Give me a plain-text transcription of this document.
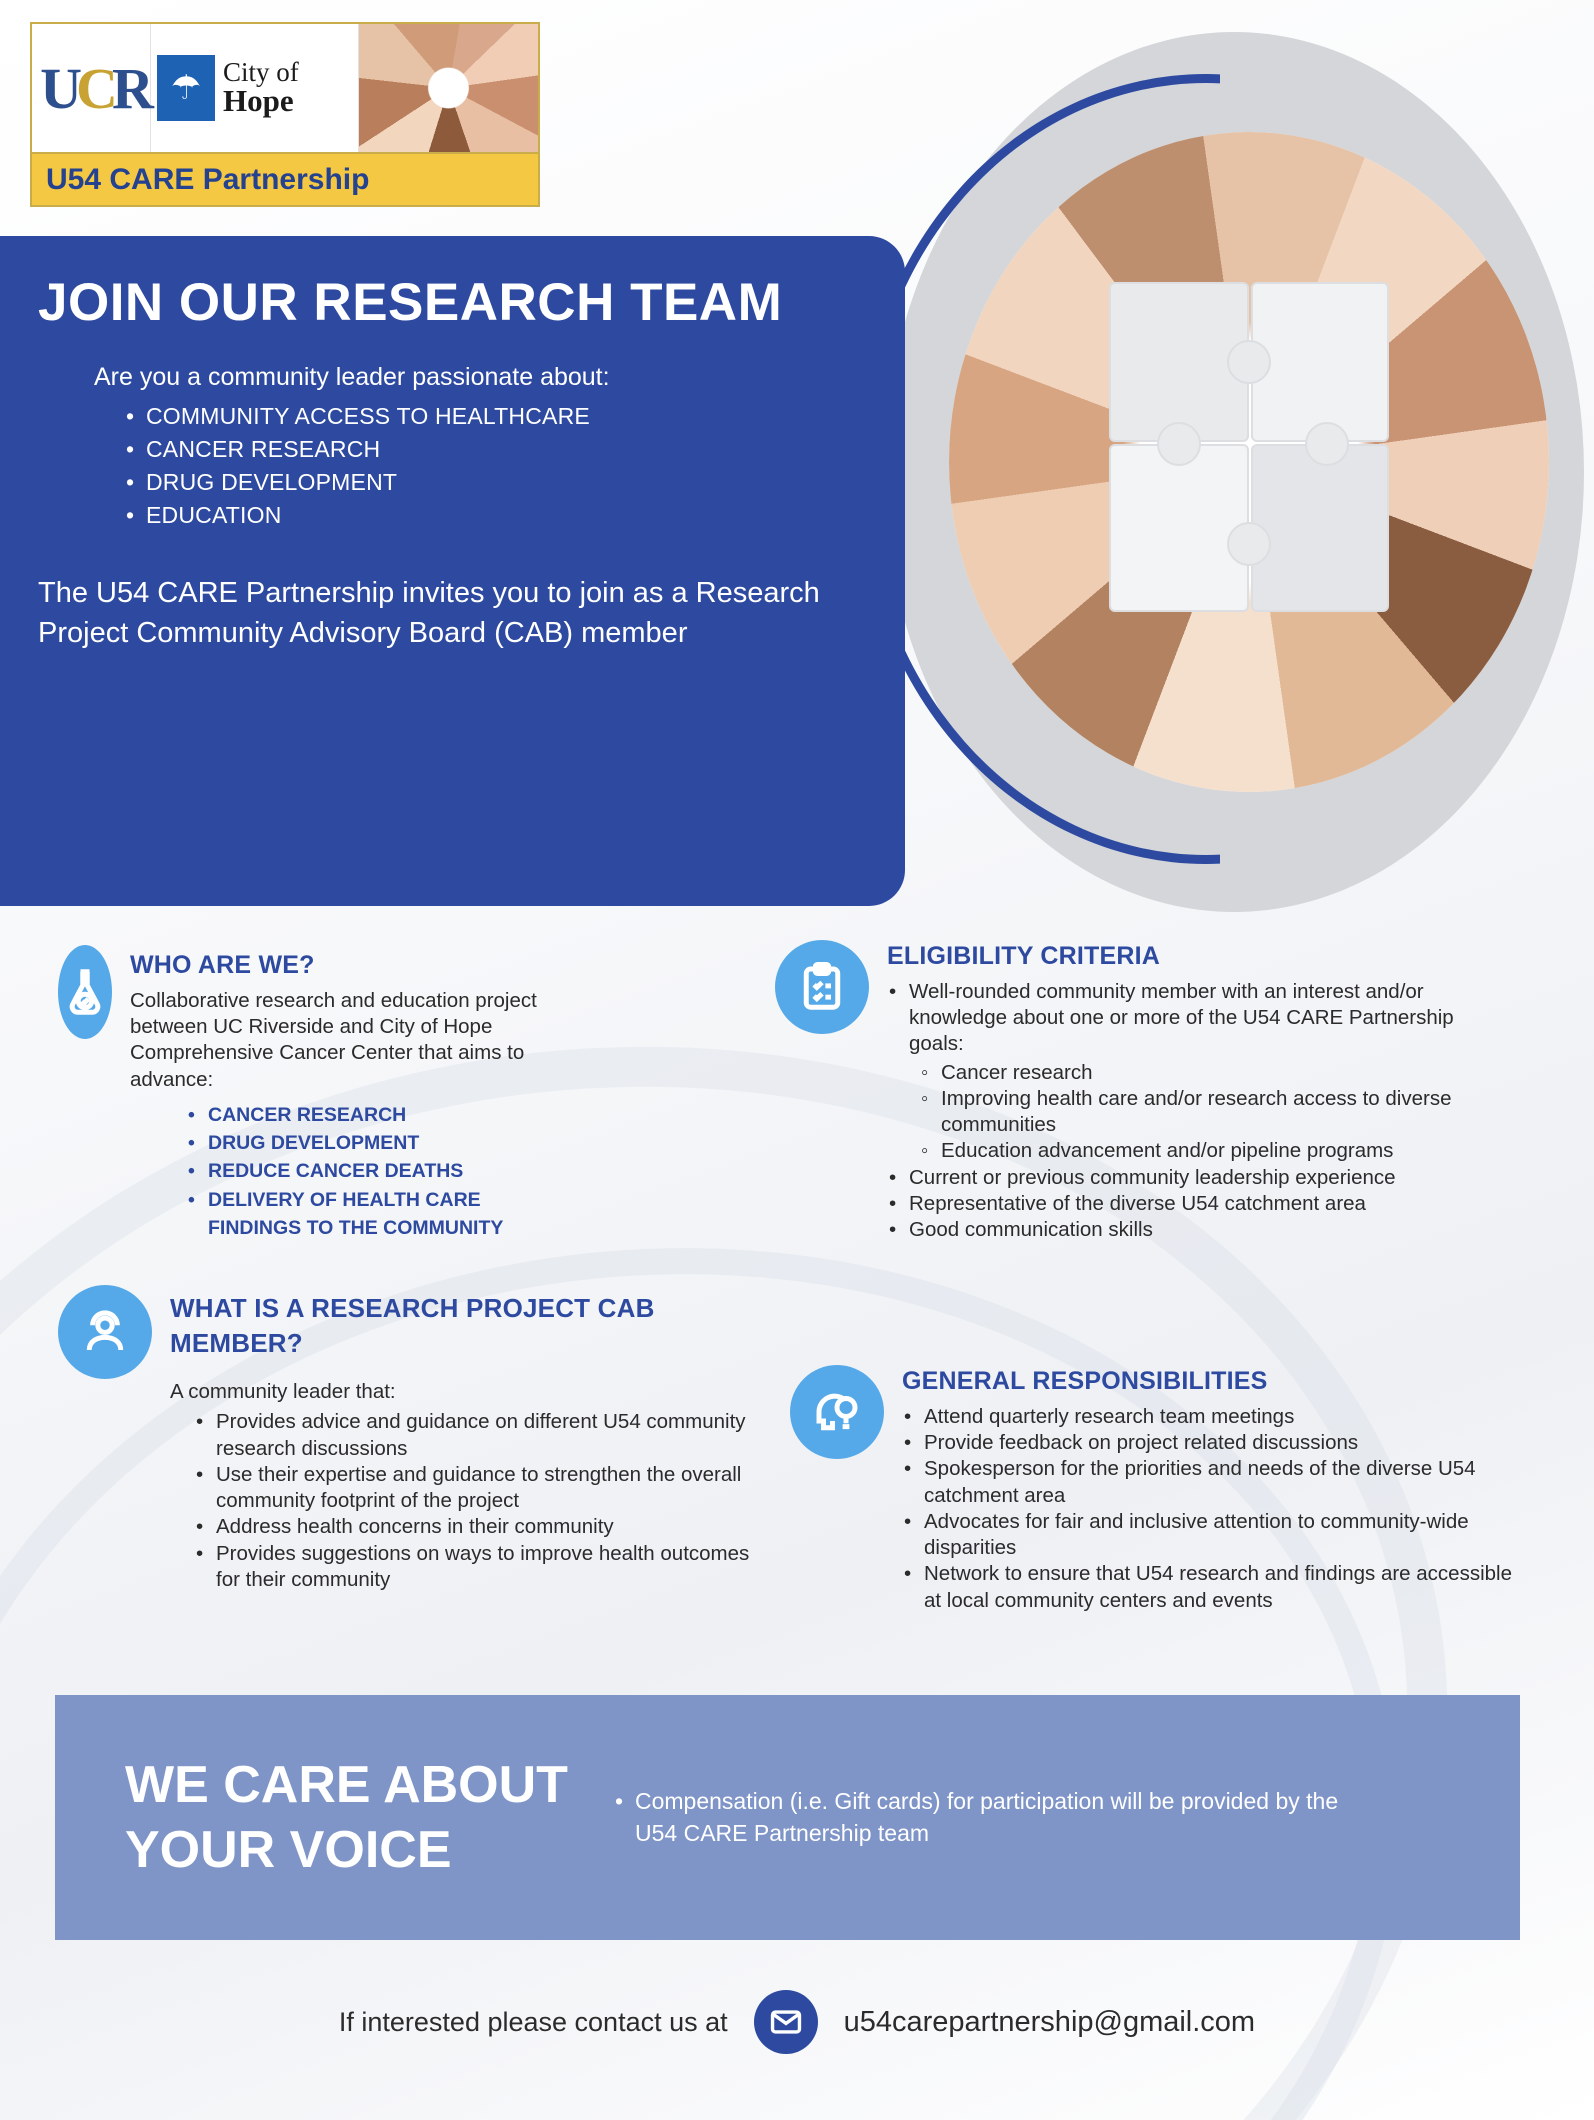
UCR ☂ City of
Hope
U54 CARE Partnership
JOIN OUR RESEARCH TEAM
Are you a community leader passionate about:
• COMMUNITY ACCESS TO HEALTHCARE
• CANCER RESEARCH
• DRUG DEVELOPMENT
• EDUCATION
The U54 CARE Partnership invites you to join as a Research Project Community Advisory Board (CAB) member
WHO ARE WE?
Collaborative research and education project between UC Riverside and City of Hope Comprehensive Cancer Center that aims to advance:
• CANCER RESEARCH
• DRUG DEVELOPMENT
• REDUCE CANCER DEATHS
• DELIVERY OF HEALTH CARE FINDINGS TO THE COMMUNITY
ELIGIBILITY CRITERIA
• Well-rounded community member with an interest and/or knowledge about one or more of the U54 CARE Partnership goals:
◦ Cancer research
◦ Improving health care and/or research access to diverse communities
◦ Education advancement and/or pipeline programs
• Current or previous community leadership experience
• Representative of the diverse U54 catchment area
• Good communication skills
WHAT IS A RESEARCH PROJECT CAB MEMBER?
A community leader that:
• Provides advice and guidance on different U54 community research discussions
• Use their expertise and guidance to strengthen the overall community footprint of the project
• Address health concerns in their community
• Provides suggestions on ways to improve health outcomes for their community
GENERAL RESPONSIBILITIES
• Attend quarterly research team meetings
• Provide feedback on project related discussions
• Spokesperson for the priorities and needs of the diverse U54 catchment area
• Advocates for fair and inclusive attention to community-wide disparities
• Network to ensure that U54 research and findings are accessible at local community centers and events
WE CARE ABOUT YOUR VOICE
• Compensation (i.e. Gift cards) for participation will be provided by the U54 CARE Partnership team
If interested please contact us at	u54carepartnership@gmail.com
